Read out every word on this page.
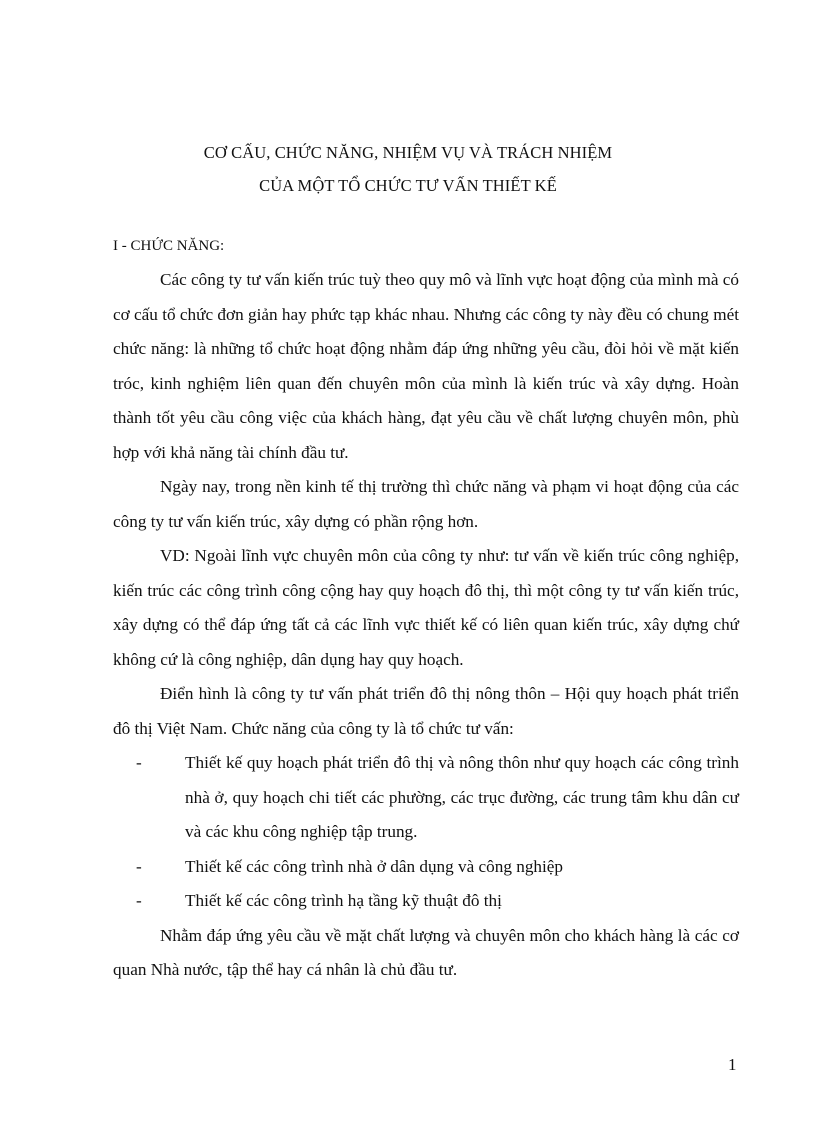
CƠ CẤU, CHỨC NĂNG, NHIỆM VỤ VÀ TRÁCH NHIỆM
CỦA MỘT TỔ CHỨC TƯ VẤN THIẾT KẾ
I - CHỨC NĂNG:

Các công ty tư vấn kiến trúc tuỳ theo quy mô và lĩnh vực hoạt động của mình mà có cơ cấu tổ chức đơn giản hay phức tạp khác nhau. Nhưng các công ty này đều có chung mét chức năng: là những tổ chức hoạt động nhằm đáp ứng những yêu cầu, đòi hỏi về mặt kiến tróc, kinh nghiệm liên quan đến chuyên môn của mình là kiến trúc và xây dựng. Hoàn thành tốt yêu cầu công việc của khách hàng, đạt yêu cầu về chất lượng chuyên môn, phù hợp với khả năng tài chính đầu tư.

Ngày nay, trong nền kinh tế thị trường thì chức năng và phạm vi hoạt động của các công ty tư vấn kiến trúc, xây dựng có phần rộng hơn.

VD: Ngoài lĩnh vực chuyên môn của công ty như: tư vấn về kiến trúc công nghiệp, kiến trúc các công trình công cộng hay quy hoạch đô thị, thì một công ty tư vấn kiến trúc, xây dựng có thể đáp ứng tất cả các lĩnh vực thiết kế có liên quan kiến trúc, xây dựng chứ không cứ là công nghiệp, dân dụng hay quy hoạch.

Điển hình là công ty tư vấn phát triển đô thị nông thôn – Hội quy hoạch phát triển đô thị Việt Nam. Chức năng của công ty là tổ chức tư vấn:

-	Thiết kế quy hoạch phát triển đô thị và nông thôn như quy hoạch các công trình nhà ở, quy hoạch chi tiết các phường, các trục đường, các trung tâm khu dân cư và các khu công nghiệp tập trung.
-	Thiết kế các công trình nhà ở dân dụng và công nghiệp
-	Thiết kế các công trình hạ tầng kỹ thuật đô thị

Nhằm đáp ứng yêu cầu về mặt chất lượng và chuyên môn cho khách hàng là các cơ quan Nhà nước, tập thể hay cá nhân là chủ đầu tư.

1
